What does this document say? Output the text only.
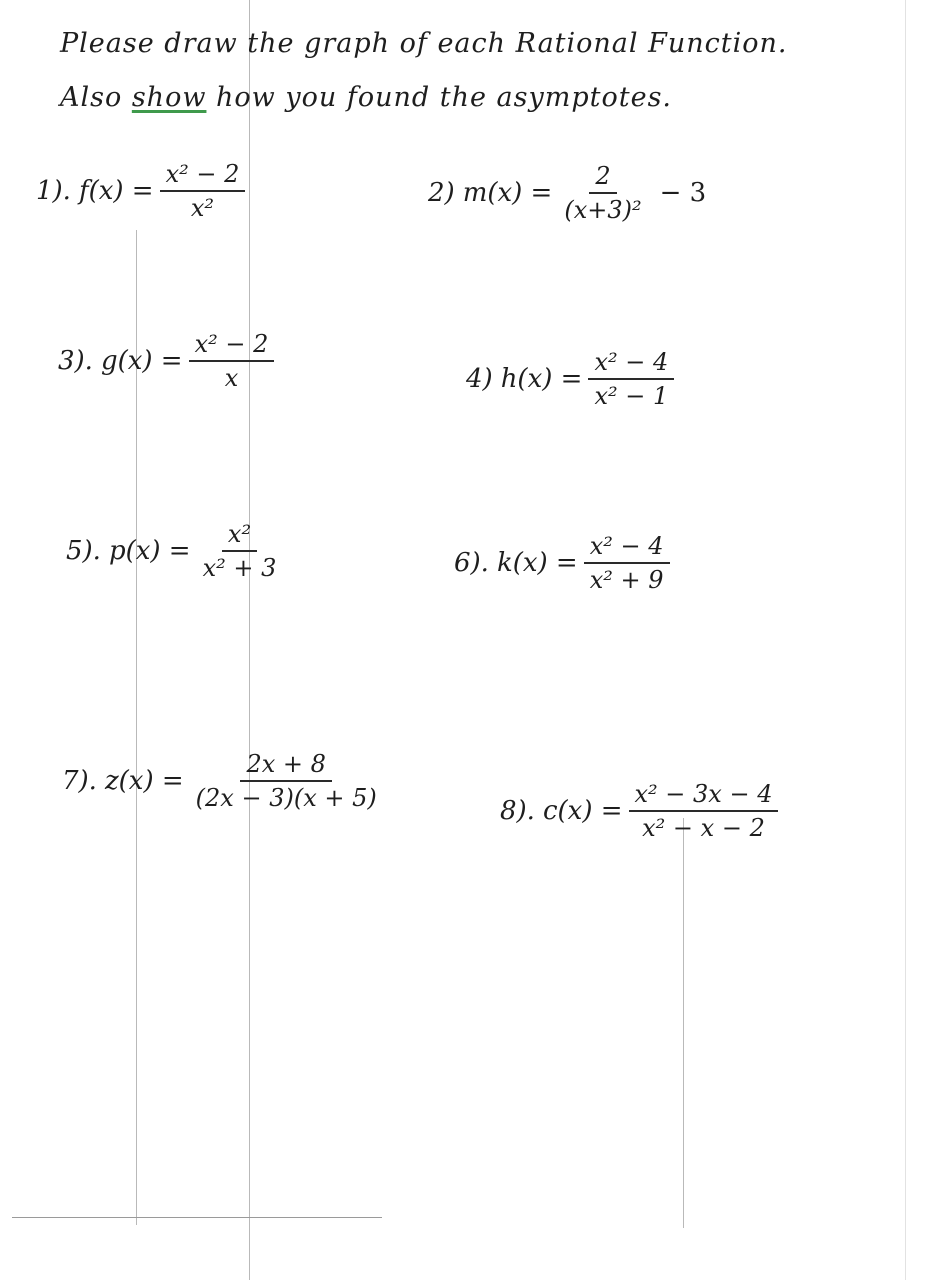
Please draw the graph of each Rational Function.
Also show how you found the asymptotes.
1). $f(x) = \frac{\text{x² − 2}}{\text{x²}}$	2) $m(x) = \frac{2}{\text{(x+3)²}} - 3$
3). $g(x) = \frac{\text{x² − 2}}{x}$	4) $h(x) = \frac{\text{x² − 4}}{\text{x² − 1}}$
5). $p(x) = \frac{\text{x²}}{\text{x² + 3}}$	6). $k(x) = \frac{\text{x² − 4}}{\text{x² + 9}}$
7). $z(x) = \frac{2x + 8}{(2x - 3)(x + 5)}$	8). $c(x) = \frac{\text{x² − 3x − 4}}{\text{x² − x − 2}}$
